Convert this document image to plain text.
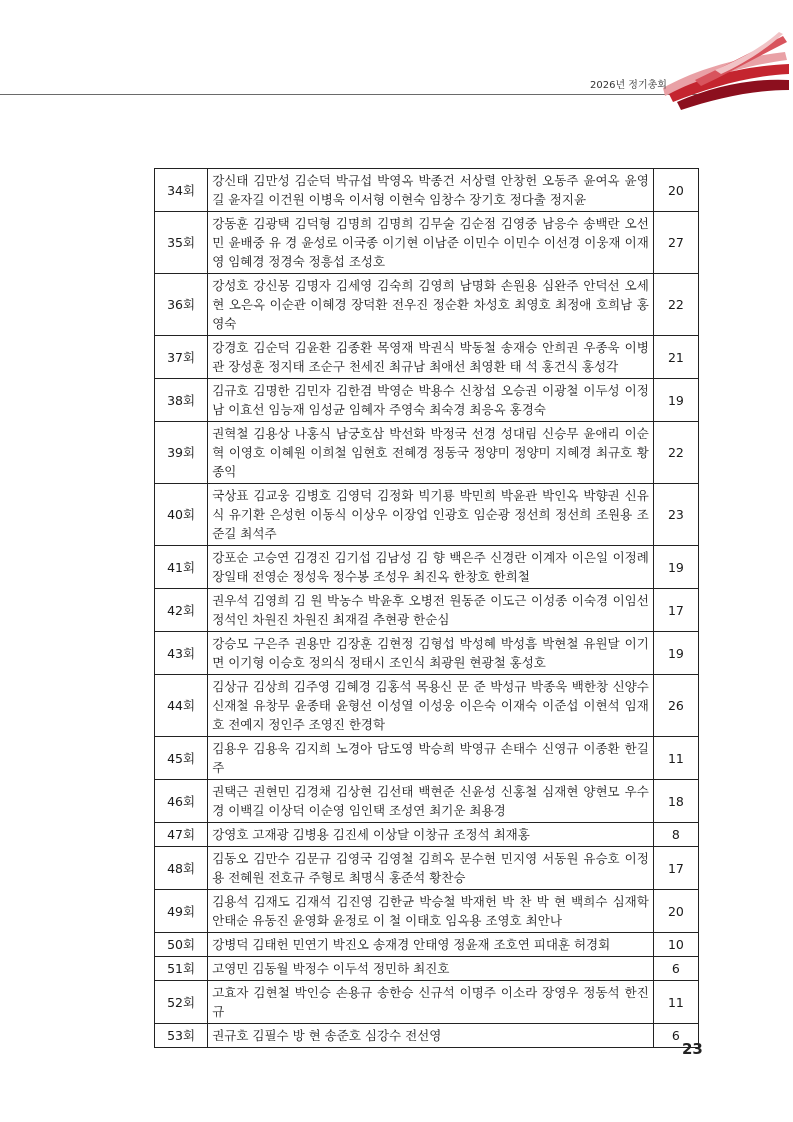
2026년 정기총회
34회	강신태 김만성 김순덕 박규섭 박영옥 박종건 서상렬 안창헌 오동주 윤여옥 윤영길 윤자길 이건원 이병욱 이서형 이현숙 임창수 장기호 정다출 정지윤	20
35회	강동훈 김광택 김덕형 김명희 김명희 김무술 김순점 김영중 남응수 송백란 오선민 윤배중 유 경 윤성로 이국종 이기현 이남준 이민수 이민수 이선경 이웅재 이재영 임혜경 정경숙 정흥섭 조성호	27
36회	강성호 강신몽 김명자 김세영 김숙희 김영희 남명화 손원용 심완주 안덕선 오세현 오은옥 이순관 이혜경 장덕환 전우진 정순환 차성호 최영호 최정애 호희남 홍영숙	22
37회	강경호 김순덕 김윤환 김종환 목영재 박권식 박동철 송재승 안희권 우종욱 이병관 장성훈 정지태 조순구 천세진 최규남 최애선 최영환 태 석 홍건식 홍성각	21
38회	김규호 김명한 김민자 김한겸 박영순 박용수 신창섭 오승권 이광철 이두성 이정남 이효선 임능재 임성균 임혜자 주영숙 최숙경 최응옥 홍경숙	19
39회	권혁철 김용상 나홍식 남궁호삼 박선화 박정국 선경 성대림 신승무 윤애리 이순혁 이영호 이혜원 이희철 임현호 전혜경 정동국 정양미 정양미 지혜경 최규호 황종익	22
40회	국상표 김교웅 김병호 김영덕 김정화 빅기룡 박민희 박윤관 박인옥 박향권 신유식 유기환 은성헌 이동식 이상우 이장업 인광호 임순광 정선희 정선희 조원용 조준길 최석주	23
41회	강포순 고승연 김경진 김기섭 김남성 김 향 백은주 신경란 이계자 이은일 이정례 장일태 전영순 정성욱 정수봉 조성우 최진옥 한창호 한희철	19
42회	권우석 김영희 김 원 박농수 박윤후 오병전 원동준 이도근 이성종 이숙경 이임선 정석인 차원진 차원진 최재걸 추현광 한순심	17
43회	강승모 구은주 권용만 김장훈 김현정 김형섭 박성혜 박성흠 박현철 유원달 이기면 이기형 이승호 정의식 정태시 조인식 최광원 현광철 홍성호	19
44회	김상규 김상희 김주영 김혜경 김홍석 목용신 문 준 박성규 박종욱 백한창 신양수 신재철 유창무 윤종태 윤형선 이성열 이성웅 이은숙 이재숙 이준섭 이현석 임재호 전예지 정인주 조영진 한경학	26
45회	김용우 김용욱 김지희 노경아 담도영 박승희 박영규 손태수 신영규 이종환 한길주	11
46회	권택근 권현민 김경채 김상현 김선태 백현준 신윤성 신홍철 심재현 양현모 우수경 이백길 이상덕 이순영 임인택 조성연 최기운 최용경	18
47회	강영호 고재광 김병용 김진세 이상달 이창규 조정석 최재홍	8
48회	김동오 김만수 김문규 김영국 김영철 김희옥 문수현 민지영 서동원 유승호 이정용 전혜원 전호규 주형로 최명식 홍준석 황찬승	17
49회	김용석 김재도 김재석 김진영 김한균 박승철 박재헌 박 찬 박 현 백희수 심재학 안태순 유동진 윤영화 윤정로 이 철 이태호 임옥용 조영호 최안나	20
50회	강병덕 김태헌 민연기 박진오 송재경 안태영 정윤재 조호연 피대훈 허경회	10
51회	고영민 김동월 박정수 이두석 정민하 최진호	6
52회	고효자 김현철 박인승 손용규 송한승 신규석 이명주 이소라 장영우 정동석 한진규	11
53회	권규호 김필수 방 현 송준호 심강수 전선영	6
23
